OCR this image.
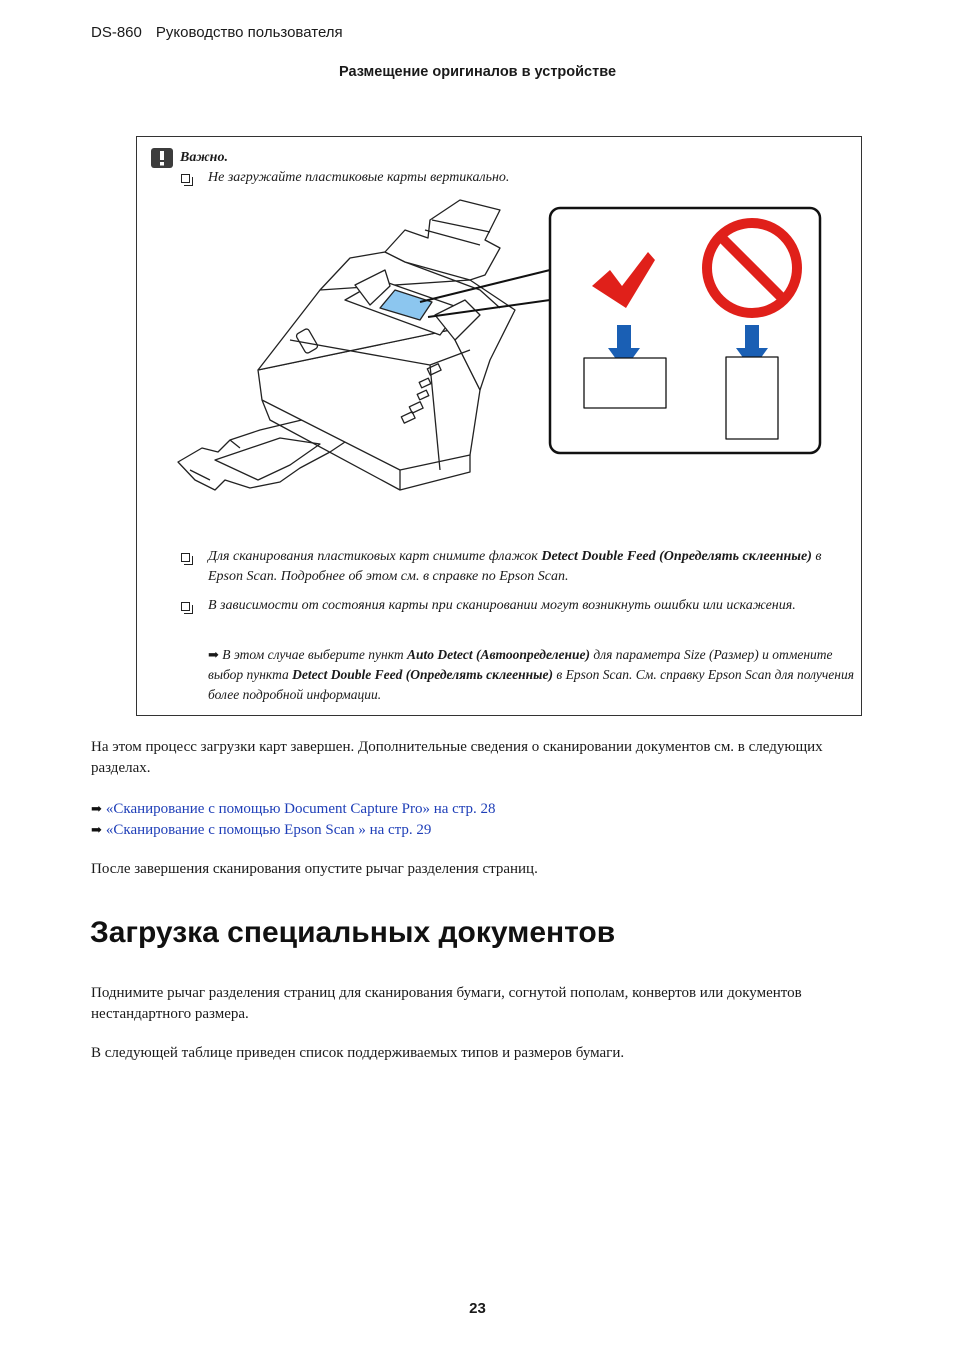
DS-860 Руководство пользователя
Размещение оригиналов в устройстве
Важно.
Не загружайте пластиковые карты вертикально.
Для сканирования пластиковых карт снимите флажок Detect Double Feed (Определять склеенные) в Epson Scan. Подробнее об этом см. в справке по Epson Scan.
В зависимости от состояния карты при сканировании могут возникнуть ошибки или искажения.
➡ В этом случае выберите пункт Auto Detect (Автоопределение) для параметра Size (Размер) и отмените выбор пункта Detect Double Feed (Определять склеенные) в Epson Scan. См. справку Epson Scan для получения более подробной информации.
На этом процесс загрузки карт завершен. Дополнительные сведения о сканировании документов см. в следующих разделах.
➡ «Сканирование с помощью Document Capture Pro» на стр. 28
➡ «Сканирование с помощью Epson Scan » на стр. 29
После завершения сканирования опустите рычаг разделения страниц.
Загрузка специальных документов
Поднимите рычаг разделения страниц для сканирования бумаги, согнутой пополам, конвертов или документов нестандартного размера.
В следующей таблице приведен список поддерживаемых типов и размеров бумаги.
23
